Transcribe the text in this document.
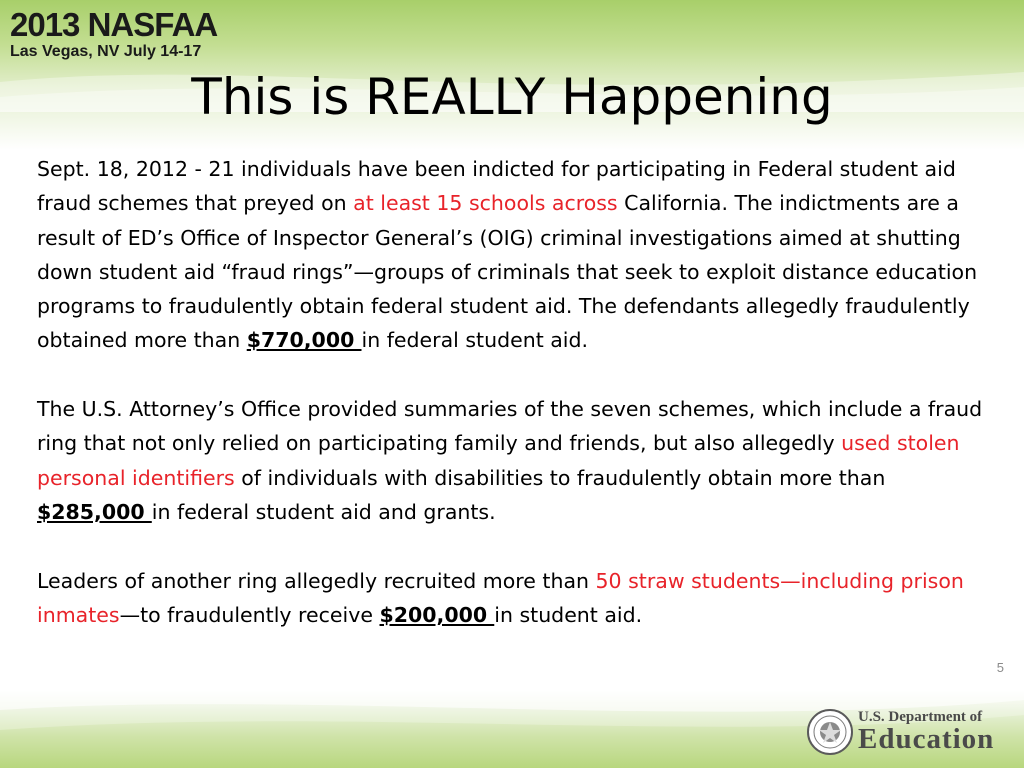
2013 NASFAA
Las Vegas, NV July 14-17
This is REALLY Happening

Sept. 18, 2012 - 21 individuals have been indicted for participating in Federal student aid fraud schemes that preyed on at least 15 schools across California. The indictments are a result of ED’s Office of Inspector General’s (OIG) criminal investigations aimed at shutting down student aid “fraud rings”—groups of criminals that seek to exploit distance education programs to fraudulently obtain federal student aid. The defendants allegedly fraudulently obtained more than $770,000 in federal student aid.

The U.S. Attorney’s Office provided summaries of the seven schemes, which include a fraud ring that not only relied on participating family and friends, but also allegedly used stolen personal identifiers of individuals with disabilities to fraudulently obtain more than $285,000 in federal student aid and grants.

Leaders of another ring allegedly recruited more than 50 straw students—including prison inmates—to fraudulently receive $200,000 in student aid.

5
U.S. Department of
Education
